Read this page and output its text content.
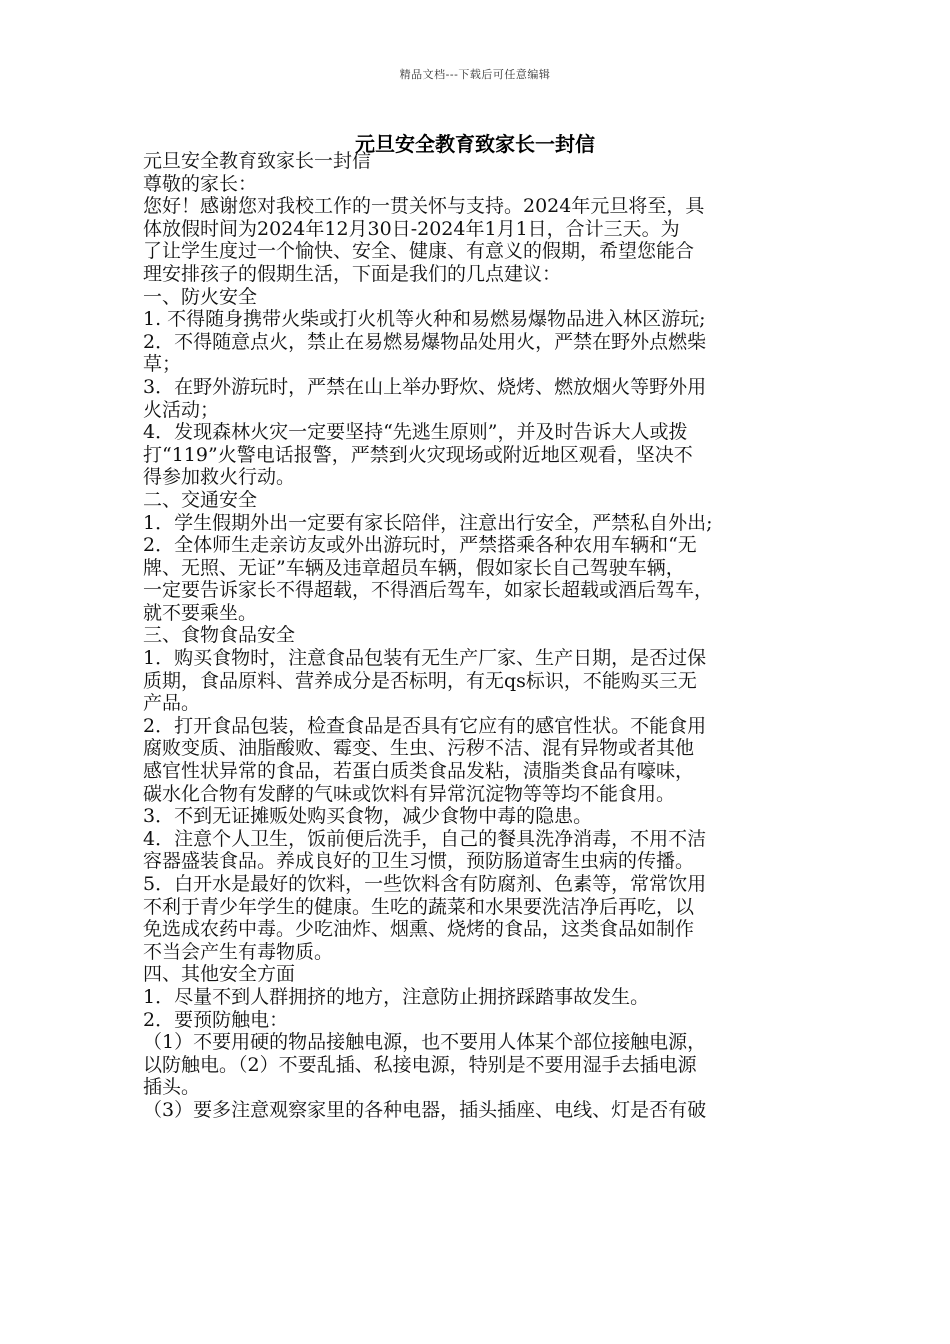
精品文档---下载后可任意编辑
元旦安全教育致家长一封信
元旦安全教育致家长一封信
尊敬的家长：
您好！感谢您对我校工作的一贯关怀与支持。2024年元旦将至，具
体放假时间为2024年12月30日-2024年1月1日，合计三天。为
了让学生度过一个愉快、安全、健康、有意义的假期，希望您能合
理安排孩子的假期生活，下面是我们的几点建议：
一、防火安全
1. 不得随身携带火柴或打火机等火种和易燃易爆物品进入林区游玩;
2．不得随意点火，禁止在易燃易爆物品处用火，严禁在野外点燃柴
草；
3．在野外游玩时，严禁在山上举办野炊、烧烤、燃放烟火等野外用
火活动；
4．发现森林火灾一定要坚持“先逃生原则”，并及时告诉大人或拨
打“119”火警电话报警，严禁到火灾现场或附近地区观看，坚决不
得参加救火行动。
二、交通安全
1．学生假期外出一定要有家长陪伴，注意出行安全，严禁私自外出;
2．全体师生走亲访友或外出游玩时，严禁搭乘各种农用车辆和“无
牌、无照、无证”车辆及违章超员车辆，假如家长自己驾驶车辆，
一定要告诉家长不得超载，不得酒后驾车，如家长超载或酒后驾车，
就不要乘坐。
三、食物食品安全
1．购买食物时，注意食品包装有无生产厂家、生产日期，是否过保
质期，食品原料、营养成分是否标明，有无qs标识，不能购买三无
产品。
2．打开食品包装，检查食品是否具有它应有的感官性状。不能食用
腐败变质、油脂酸败、霉变、生虫、污秽不洁、混有异物或者其他
感官性状异常的食品，若蛋白质类食品发粘，渍脂类食品有嚎味，
碳水化合物有发酵的气味或饮料有异常沉淀物等等均不能食用。
3．不到无证摊贩处购买食物，减少食物中毒的隐患。
4．注意个人卫生，饭前便后洗手，自己的餐具洗净消毒，不用不洁
容器盛装食品。养成良好的卫生习惯，预防肠道寄生虫病的传播。
5．白开水是最好的饮料，一些饮料含有防腐剂、色素等，常常饮用
不利于青少年学生的健康。生吃的蔬菜和水果要洗洁净后再吃，以
免选成农药中毒。少吃油炸、烟熏、烧烤的食品，这类食品如制作
不当会产生有毒物质。
四、其他安全方面
1．尽量不到人群拥挤的地方，注意防止拥挤踩踏事故发生。
2．要预防触电：
（1）不要用硬的物品接触电源，也不要用人体某个部位接触电源，
以防触电。（2）不要乱插、私接电源，特别是不要用湿手去插电源
插头。
（3）要多注意观察家里的各种电器，插头插座、电线、灯是否有破
